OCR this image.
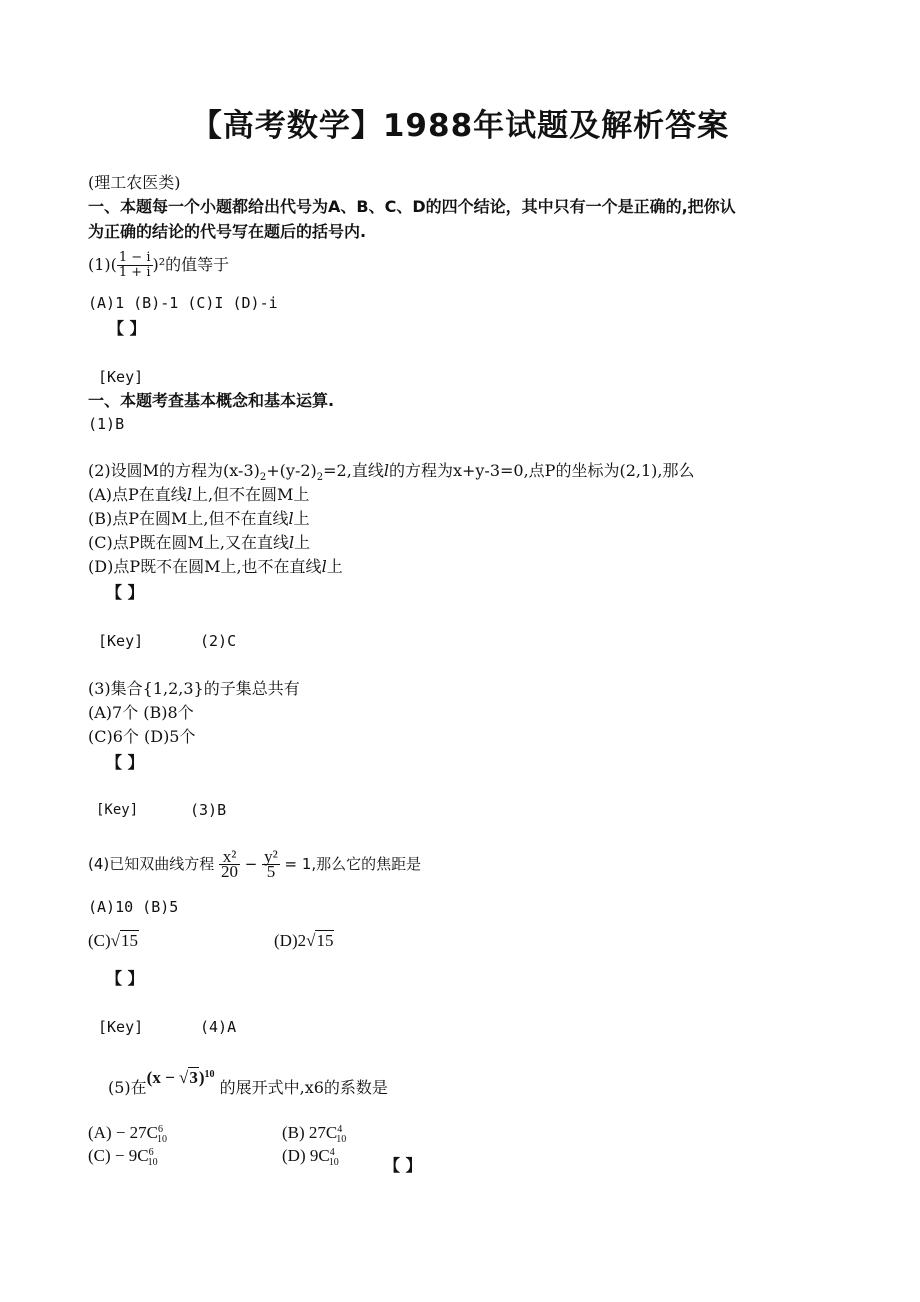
【高考数学】1988年试题及解析答案
(理工农医类)
一、本题每一个小题都给出代号为A、B、C、D的四个结论，其中只有一个是正确的,把你认
为正确的结论的代号写在题后的括号内.
$(1)( \frac{1 - i}{1 + i} )^2$的值等于
(A)1 (B)-1 (C)I (D)-i
【 】
[Key]
一、本题考查基本概念和基本运算.
(1)B
(2)设圆M的方程为$(x-3)_2+(y-2)_2=2$,直线l的方程为x+y-3=0,点P的坐标为(2,1),那么
(A)点P在直线l上,但不在圆M上
(B)点P在圆M上,但不在直线l上
(C)点P既在圆M上,又在直线l上
(D)点P既不在圆M上,也不在直线l上
【 】
[Key]	(2)C
(3)集合{1,2,3}的子集总共有
(A)7个 (B)8个
(C)6个 (D)5个
【 】
[Key]	(3)B
(4)已知双曲线方程 $\frac{\text{x²}}{20} - \frac{\text{y²}}{5} = 1$,那么它的焦距是
(A)10 (B)5
(C)√15	(D)2√15
【 】
[Key]	(4)A
(5)在$(x - √3)^{10}$ 的展开式中,x6的系数是
$(A) - 27C^6_{10}$	(B) $27C^4_{10}$
$(C) - 9C^6_{10}$	(D) $9C^4_{10}$	【 】
